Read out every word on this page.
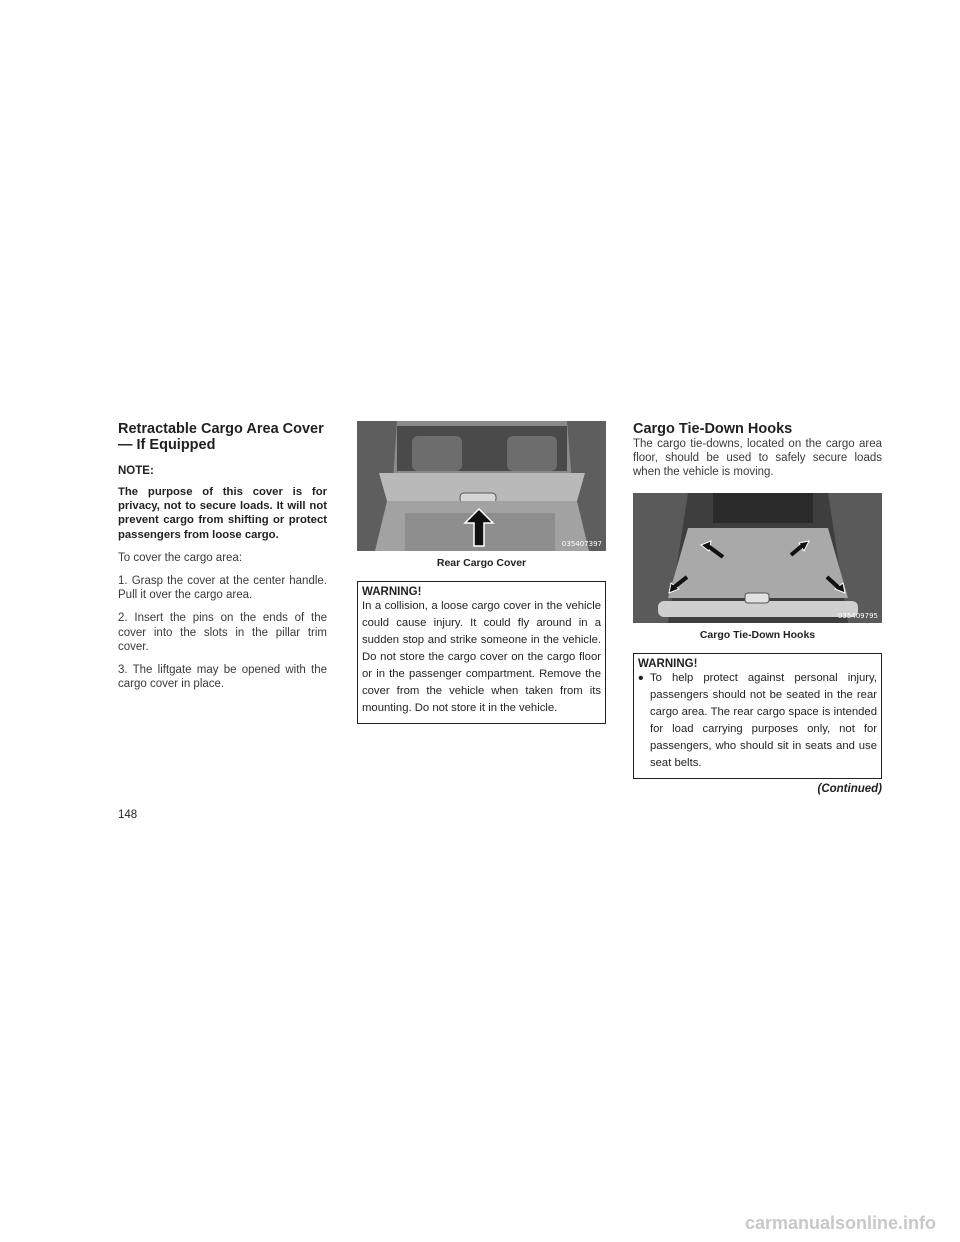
Retractable Cargo Area Cover — If Equipped

NOTE:

The purpose of this cover is for privacy, not to secure loads. It will not prevent cargo from shifting or protect passengers from loose cargo.

To cover the cargo area:

1. Grasp the cover at the center handle. Pull it over the cargo area.

2. Insert the pins on the ends of the cover into the slots in the pillar trim cover.

3. The liftgate may be opened with the cargo cover in place.

035407397
Rear Cargo Cover
WARNING!
In a collision, a loose cargo cover in the vehicle could cause injury. It could fly around in a sudden stop and strike someone in the vehicle. Do not store the cargo cover on the cargo floor or in the passenger compartment. Remove the cover from the vehicle when taken from its mounting. Do not store it in the vehicle.
Cargo Tie-Down Hooks

The cargo tie-downs, located on the cargo area floor, should be used to safely secure loads when the vehicle is moving.

035409795
Cargo Tie-Down Hooks
WARNING!
• To help protect against personal injury, passengers should not be seated in the rear cargo area. The rear cargo space is intended for load carrying purposes only, not for passengers, who should sit in seats and use seat belts.
(Continued)
148
carmanualsonline.info
